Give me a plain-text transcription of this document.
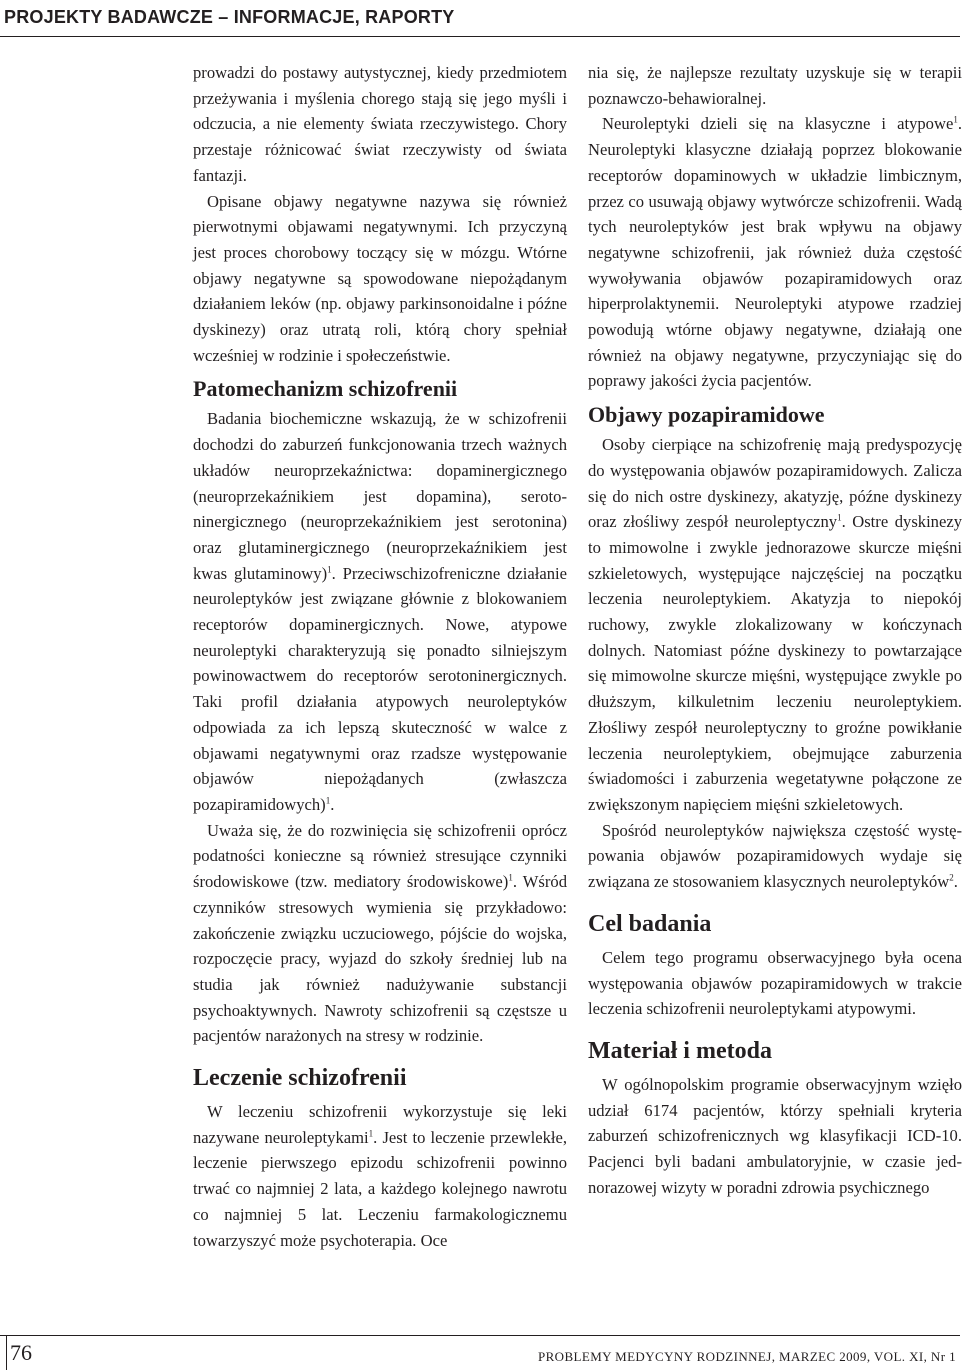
PROJEKTY BADAWCZE – INFORMACJE, RAPORTY

prowadzi do postawy autystycznej, kiedy przedmiotem przeżywania i myślenia chorego stają się jego myśli i odczucia, a nie elementy świata rzeczywistego. Chory przestaje różnicować świat rzeczywisty od świata fantazji.

Opisane objawy negatywne nazywa się również pierwotnymi objawami negatywnymi. Ich przyczyną jest proces chorobowy toczący się w mózgu. Wtórne objawy negatywne są spowodowane niepożądanym działaniem leków (np. objawy parkinsonoidalne i późne dyskinezy) oraz utratą roli, którą chory spełniał wcześniej w rodzinie i społeczeństwie.

Patomechanizm schizofrenii

Badania biochemiczne wskazują, że w schizofrenii dochodzi do zaburzeń funkcjonowania trzech ważnych układów neuroprzekaźnictwa: dopaminergicznego (neuroprzekaźnikiem jest dopamina), serotoninergicznego (neuroprzekaźnikiem jest serotonina) oraz glutaminergicznego (neuroprzekaźnikiem jest kwas glutaminowy)$^1$. Przeciwschizofreniczne działanie neuroleptyków jest związane głównie z blokowaniem receptorów dopaminergicznych. Nowe, atypowe neuroleptyki charakteryzują się ponadto silniejszym powinowactwem do receptorów serotoninergicznych. Taki profil działania atypowych neuroleptyków odpowiada za ich lepszą skuteczność w walce z objawami negatywnymi oraz rzadsze występowanie objawów niepożądanych (zwłaszcza pozapiramidowych)$^1$.

Uważa się, że do rozwinięcia się schizofrenii oprócz podatności konieczne są również stresujące czynniki środowiskowe (tzw. mediatory środowiskowe)$^1$. Wśród czynników stresowych wymienia się przykładowo: zakończenie związku uczuciowego, pójście do wojska, rozpoczęcie pracy, wyjazd do szkoły średniej lub na studia jak również nadużywanie substancji psychoaktywnych. Nawroty schizofrenii są częstsze u pacjentów narażonych na stresy w rodzinie.

Leczenie schizofrenii

W leczeniu schizofrenii wykorzystuje się leki nazywane neuroleptykami$^1$. Jest to leczenie przewlekłe, leczenie pierwszego epizodu schizofrenii powinno trwać co najmniej 2 lata, a każdego kolejnego nawrotu co najmniej 5 lat. Leczeniu farmakologicznemu towarzyszyć może psychoterapia. Oce

nia się, że najlepsze rezultaty uzyskuje się w terapii poznawczo-behawioralnej.

Neuroleptyki dzieli się na klasyczne i atypowe$^1$. Neuroleptyki klasyczne działają poprzez blokowanie receptorów dopaminowych w układzie limbicznym, przez co usuwają objawy wytwórcze schizofrenii. Wadą tych neuroleptyków jest brak wpływu na objawy negatywne schizofrenii, jak również duża częstość wywoływania objawów pozapiramidowych oraz hiperprolaktynemii. Neuroleptyki atypowe rzadziej powodują wtórne objawy negatywne, działają one również na objawy negatywne, przyczyniając się do poprawy jakości życia pacjentów.

Objawy pozapiramidowe

Osoby cierpiące na schizofrenię mają predyspozycję do występowania objawów pozapiramidowych. Zalicza się do nich ostre dyskinezy, akatyzję, późne dyskinezy oraz złośliwy zespół neuroleptyczny$^1$. Ostre dyskinezy to mimowolne i zwykle jednorazowe skurcze mięśni szkieletowych, występujące najczęściej na początku leczenia neuroleptykiem. Akatyzja to niepokój ruchowy, zwykle zlokalizowany w kończynach dolnych. Natomiast późne dyskinezy to powtarzające się mimowolne skurcze mięśni, występujące zwykle po dłuższym, kilkuletnim leczeniu neuroleptykiem. Złośliwy zespół neuroleptyczny to groźne powikłanie leczenia neuroleptykiem, obejmujące zaburzenia świadomości i zaburzenia wegetatywne połączone ze zwiększonym napięciem mięśni szkieletowych.

Spośród neuroleptyków największa częstość występowania objawów pozapiramidowych wydaje się związana ze stosowaniem klasycznych neuroleptyków$^2$.

Cel badania

Celem tego programu obserwacyjnego była ocena występowania objawów pozapiramidowych w trakcie leczenia schizofrenii neuroleptykami atypowymi.

Materiał i metoda

W ogólnopolskim programie obserwacyjnym wzięło udział 6174 pacjentów, którzy spełniali kryteria zaburzeń schizofrenicznych wg klasyfikacji ICD-10. Pacjenci byli badani ambulatoryjnie, w czasie jednorazowej wizyty w poradni zdrowia psychicznego

76	PROBLEMY MEDYCYNY RODZINNEJ, MARZEC 2009, VOL. XI, Nr 1
